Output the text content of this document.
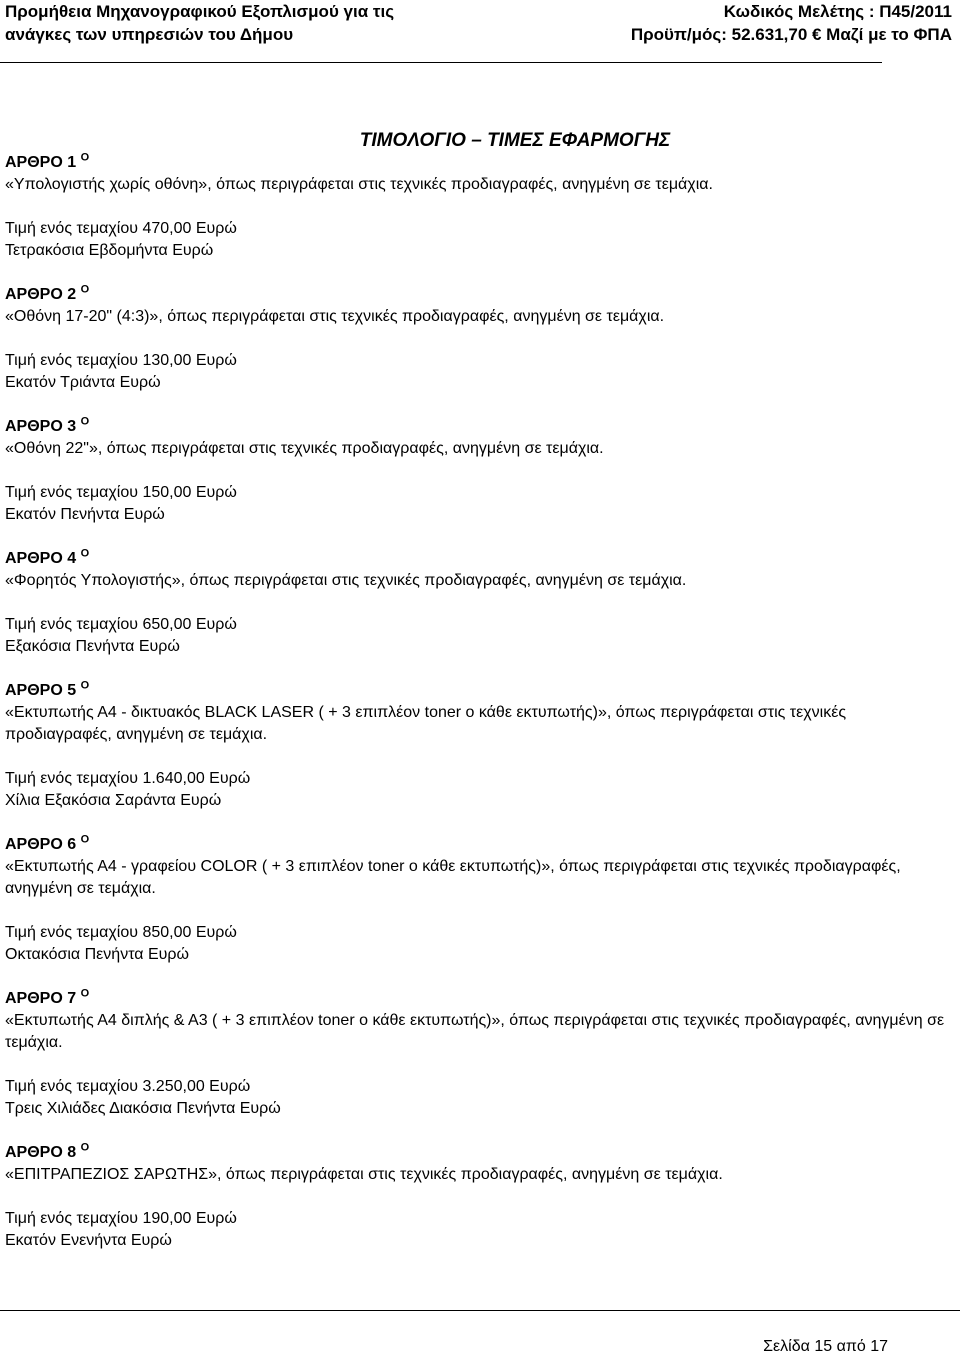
Προμήθεια Μηχανογραφικού Εξοπλισμού για τις
ανάγκες των υπηρεσιών του Δήμου
Κωδικός Μελέτης : Π45/2011
Προϋπ/μός: 52.631,70 € Μαζί με το ΦΠΑ
ΤΙΜΟΛΟΓΙΟ – ΤΙΜΕΣ ΕΦΑΡΜΟΓΗΣ
ΑΡΘΡΟ 1 $^O$
«Υπολογιστής χωρίς οθόνη», όπως περιγράφεται στις τεχνικές προδιαγραφές, ανηγμένη σε τεμάχια.
Τιμή ενός τεμαχίου 470,00 Ευρώ
Τετρακόσια Εβδομήντα Ευρώ
ΑΡΘΡΟ 2 $^O$
«Οθόνη 17-20" (4:3)», όπως περιγράφεται στις τεχνικές προδιαγραφές, ανηγμένη σε τεμάχια.
Τιμή ενός τεμαχίου 130,00 Ευρώ
Εκατόν Τριάντα Ευρώ
ΑΡΘΡΟ 3 $^O$
«Οθόνη 22"», όπως περιγράφεται στις τεχνικές προδιαγραφές, ανηγμένη σε τεμάχια.
Τιμή ενός τεμαχίου 150,00 Ευρώ
Εκατόν Πενήντα Ευρώ
ΑΡΘΡΟ 4 $^O$
«Φορητός Υπολογιστής», όπως περιγράφεται στις τεχνικές προδιαγραφές, ανηγμένη σε τεμάχια.
Τιμή ενός τεμαχίου 650,00 Ευρώ
Εξακόσια Πενήντα Ευρώ
ΑΡΘΡΟ 5 $^O$
«Εκτυπωτής Α4 - δικτυακός BLACK LASER ( + 3 επιπλέον toner ο κάθε εκτυπωτής)», όπως περιγράφεται στις τεχνικές προδιαγραφές, ανηγμένη σε τεμάχια.
Τιμή ενός τεμαχίου 1.640,00 Ευρώ
Χίλια Εξακόσια Σαράντα Ευρώ
ΑΡΘΡΟ 6 $^O$
«Εκτυπωτής Α4 - γραφείου COLOR ( + 3 επιπλέον toner ο κάθε εκτυπωτής)», όπως περιγράφεται στις τεχνικές προδιαγραφές, ανηγμένη σε τεμάχια.
Τιμή ενός τεμαχίου 850,00 Ευρώ
Οκτακόσια Πενήντα Ευρώ
ΑΡΘΡΟ 7 $^O$
«Εκτυπωτής Α4 διπλής & Α3 ( + 3 επιπλέον toner ο κάθε εκτυπωτής)», όπως περιγράφεται στις τεχνικές προδιαγραφές, ανηγμένη σε τεμάχια.
Τιμή ενός τεμαχίου 3.250,00 Ευρώ
Τρεις Χιλιάδες Διακόσια Πενήντα Ευρώ
ΑΡΘΡΟ 8 $^O$
«ΕΠΙΤΡΑΠΕΖΙΟΣ ΣΑΡΩΤΗΣ», όπως περιγράφεται στις τεχνικές προδιαγραφές, ανηγμένη σε τεμάχια.
Τιμή ενός τεμαχίου 190,00 Ευρώ
Εκατόν Ενενήντα Ευρώ
Σελίδα 15 από 17
